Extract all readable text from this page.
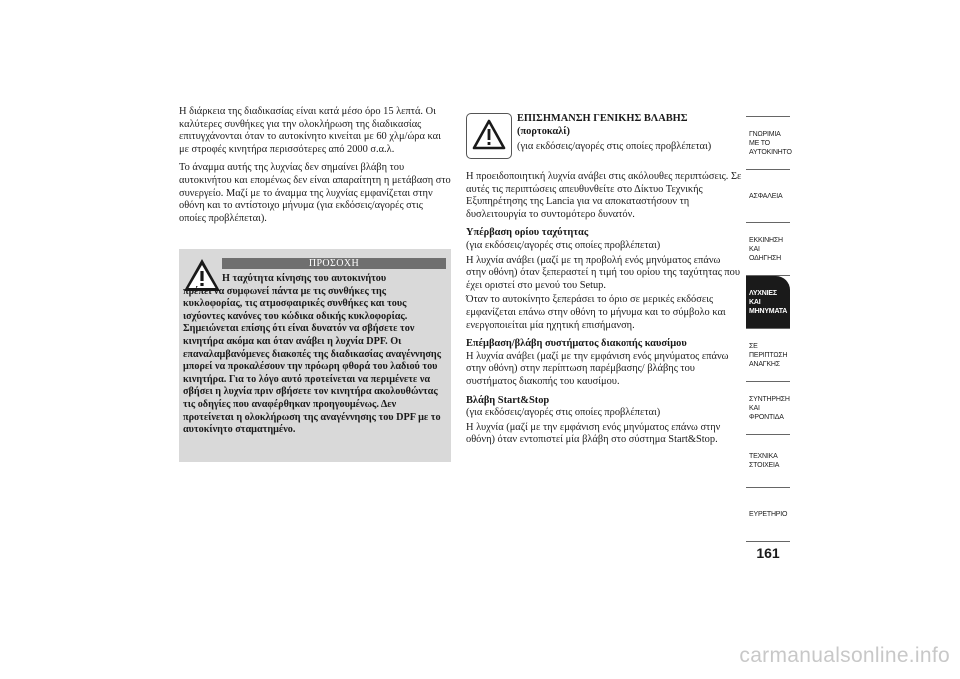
Η διάρκεια της διαδικασίας είναι κατά μέσο όρο 15 λεπτά. Οι καλύτερες συνθήκες για την ολοκλήρωση της διαδικασίας επιτυγχάνονται όταν το αυτοκίνητο κινείται με 60 χλμ/ώρα και με στροφές κινητήρα περισσότερες από 2000 σ.α.λ.

Το άναμμα αυτής της λυχνίας δεν σημαίνει βλάβη του αυτοκινήτου και επομένως δεν είναι απαραίτητη η μετάβαση στο συνεργείο. Μαζί με το άναμμα της λυχνίας εμφανίζεται στην οθόνη και το αντίστοιχο μήνυμα (για εκδόσεις/αγορές στις οποίες προβλέπεται).

ΠΡΟΣΟΧΗ
Η ταχύτητα κίνησης του αυτοκινήτου
πρέπει να συμφωνεί πάντα με τις συνθήκες της κυκλοφορίας, τις ατμοσφαιρικές συνθήκες και τους ισχύοντες κανόνες του κώδικα οδικής κυκλοφορίας. Σημειώνεται επίσης ότι είναι δυνατόν να σβήσετε τον κινητήρα ακόμα και όταν ανάβει η λυχνία DPF. Οι επαναλαμβανόμενες διακοπές της διαδικασίας αναγέννησης μπορεί να προκαλέσουν την πρόωρη φθορά του λαδιού του κινητήρα. Για το λόγο αυτό προτείνεται να περιμένετε να σβήσει η λυχνία πριν σβήσετε τον κινητήρα ακολουθώντας τις οδηγίες που αναφέρθηκαν προηγουμένως. Δεν προτείνεται η ολοκλήρωση της αναγέννησης του DPF με το αυτοκίνητο σταματημένο.
ΕΠΙΣΗΜΑΝΣΗ ΓΕΝΙΚΗΣ ΒΛΑΒΗΣ (πορτοκαλί)
(για εκδόσεις/αγορές στις οποίες προβλέπεται)

Η προειδοποιητική λυχνία ανάβει στις ακόλουθες περιπτώσεις. Σε αυτές τις περιπτώσεις απευθυνθείτε στο Δίκτυο Τεχνικής Εξυπηρέτησης της Lancia για να αποκαταστήσουν τη δυσλειτουργία το συντομότερο δυνατόν.

Υπέρβαση ορίου ταχύτητας

(για εκδόσεις/αγορές στις οποίες προβλέπεται)

Η λυχνία ανάβει (μαζί με τη προβολή ενός μηνύματος επάνω στην οθόνη) όταν ξεπεραστεί η τιμή του ορίου της ταχύτητας που έχει οριστεί στο μενού του Setup.

Όταν το αυτοκίνητο ξεπεράσει το όριο σε μερικές εκδόσεις εμφανίζεται επάνω στην οθόνη το μήνυμα και το σύμβολο και ενεργοποιείται μία ηχητική επισήμανση.

Επέμβαση/βλάβη συστήματος διακοπής καυσίμου

Η λυχνία ανάβει (μαζί με την εμφάνιση ενός μηνύματος επάνω στην οθόνη) στην περίπτωση παρέμβασης/ βλάβης του συστήματος διακοπής του καυσίμου.

Βλάβη Start&Stop

(για εκδόσεις/αγορές στις οποίες προβλέπεται)

Η λυχνία (μαζί με την εμφάνιση ενός μηνύματος επάνω στην οθόνη) όταν εντοπιστεί μία βλάβη στο σύστημα Start&Stop.

ΓΝΩΡΙΜΙΑ ΜΕ ΤΟ ΑΥΤΟΚΙΝΗΤΟ
ΑΣΦΑΛΕΙΑ
ΕΚΚΙΝΗΣΗ ΚΑΙ ΟΔΗΓΗΣΗ
ΛΥΧΝΙΕΣ ΚΑΙ ΜΗΝΥΜΑΤΑ
ΣΕ ΠΕΡΙΠΤΩΣΗ ΑΝΑΓΚΗΣ
ΣΥΝΤΗΡΗΣΗ ΚΑΙ ΦΡΟΝΤΙΔΑ
ΤΕΧΝΙΚΑ ΣΤΟΙΧΕΙΑ
ΕΥΡΕΤΗΡΙΟ
161
carmanualsonline.info
